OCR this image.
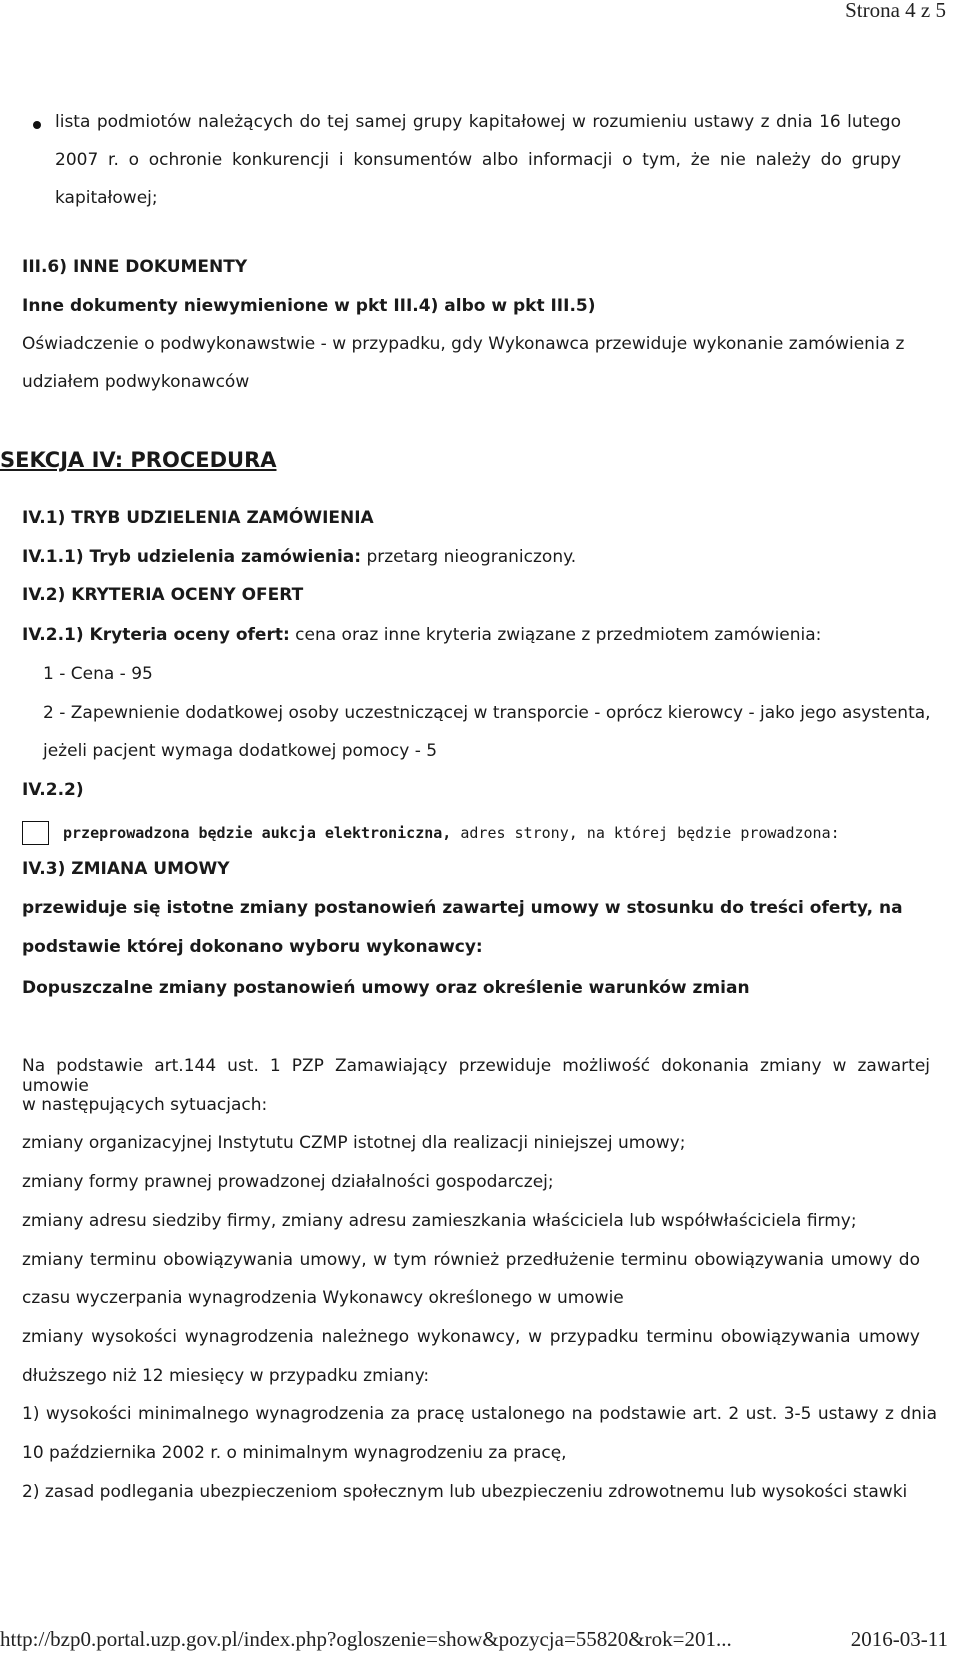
Strona 4 z 5
lista podmiotów należących do tej samej grupy kapitałowej w rozumieniu ustawy z dnia 16 lutego
2007 r. o ochronie konkurencji i konsumentów albo informacji o tym, że nie należy do grupy
kapitałowej;
III.6) INNE DOKUMENTY
Inne dokumenty niewymienione w pkt III.4) albo w pkt III.5)
Oświadczenie o podwykonawstwie - w przypadku, gdy Wykonawca przewiduje wykonanie zamówienia z
udziałem podwykonawców
SEKCJA IV: PROCEDURA
IV.1) TRYB UDZIELENIA ZAMÓWIENIA
IV.1.1) Tryb udzielenia zamówienia: przetarg nieograniczony.
IV.2) KRYTERIA OCENY OFERT
IV.2.1) Kryteria oceny ofert: cena oraz inne kryteria związane z przedmiotem zamówienia:
1 - Cena - 95
2 - Zapewnienie dodatkowej osoby uczestniczącej w transporcie - oprócz kierowcy - jako jego asystenta,
jeżeli pacjent wymaga dodatkowej pomocy - 5
IV.2.2)
przeprowadzona będzie aukcja elektroniczna, adres strony, na której będzie prowadzona:
IV.3) ZMIANA UMOWY
przewiduje się istotne zmiany postanowień zawartej umowy w stosunku do treści oferty, na
podstawie której dokonano wyboru wykonawcy:
Dopuszczalne zmiany postanowień umowy oraz określenie warunków zmian
Na podstawie art.144 ust. 1 PZP Zamawiający przewiduje możliwość dokonania zmiany w zawartej umowie
w następujących sytuacjach:
zmiany organizacyjnej Instytutu CZMP istotnej dla realizacji niniejszej umowy;
zmiany formy prawnej prowadzonej działalności gospodarczej;
zmiany adresu siedziby firmy, zmiany adresu zamieszkania właściciela lub współwłaściciela firmy;
zmiany terminu obowiązywania umowy, w tym również przedłużenie terminu obowiązywania umowy do
czasu wyczerpania wynagrodzenia Wykonawcy określonego w umowie
zmiany wysokości wynagrodzenia należnego wykonawcy, w przypadku terminu obowiązywania umowy
dłuższego niż 12 miesięcy w przypadku zmiany:
1) wysokości minimalnego wynagrodzenia za pracę ustalonego na podstawie art. 2 ust. 3-5 ustawy z dnia
10 października 2002 r. o minimalnym wynagrodzeniu za pracę,
2) zasad podlegania ubezpieczeniom społecznym lub ubezpieczeniu zdrowotnemu lub wysokości stawki
http://bzp0.portal.uzp.gov.pl/index.php?ogloszenie=show&pozycja=55820&rok=201...	2016-03-11
